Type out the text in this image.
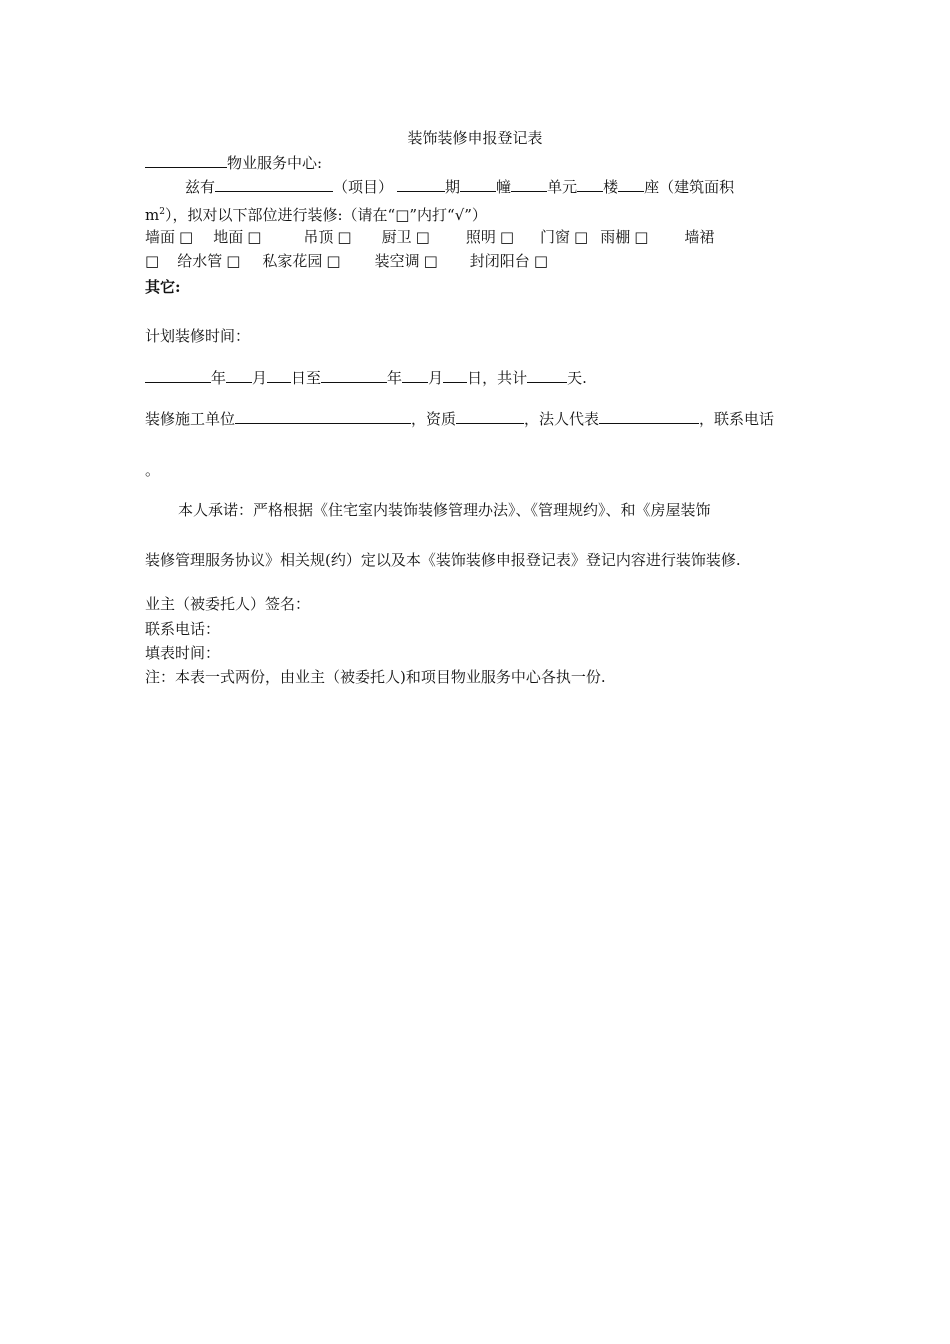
装饰装修申报登记表
物业服务中心:
兹有	（项目）	期 幢 单元 楼 座（建筑面积
$m^2$），拟对以下部位进行装修:（请在“□”内打“√”）
墙面 □ 地面 □	吊顶 □ 厨卫 □ 照明 □ 门窗 □ 雨棚 □ 墙裙
□ 给水管 □ 私家花园 □ 装空调 □ 封闭阳台 □
其它:
计划装修时间：
年 月 日至	年 月 日，共计	天.
装修施工单位	，资质	，法人代表	，联系电话
。
本人承诺：严格根据《住宅室内装饰装修管理办法》、《管理规约》、和《房屋装饰
装修管理服务协议》相关规(约）定以及本《装饰装修申报登记表》登记内容进行装饰装修.
业主（被委托人）签名：
联系电话：
填表时间：
注：本表一式两份，由业主（被委托人)和项目物业服务中心各执一份.
